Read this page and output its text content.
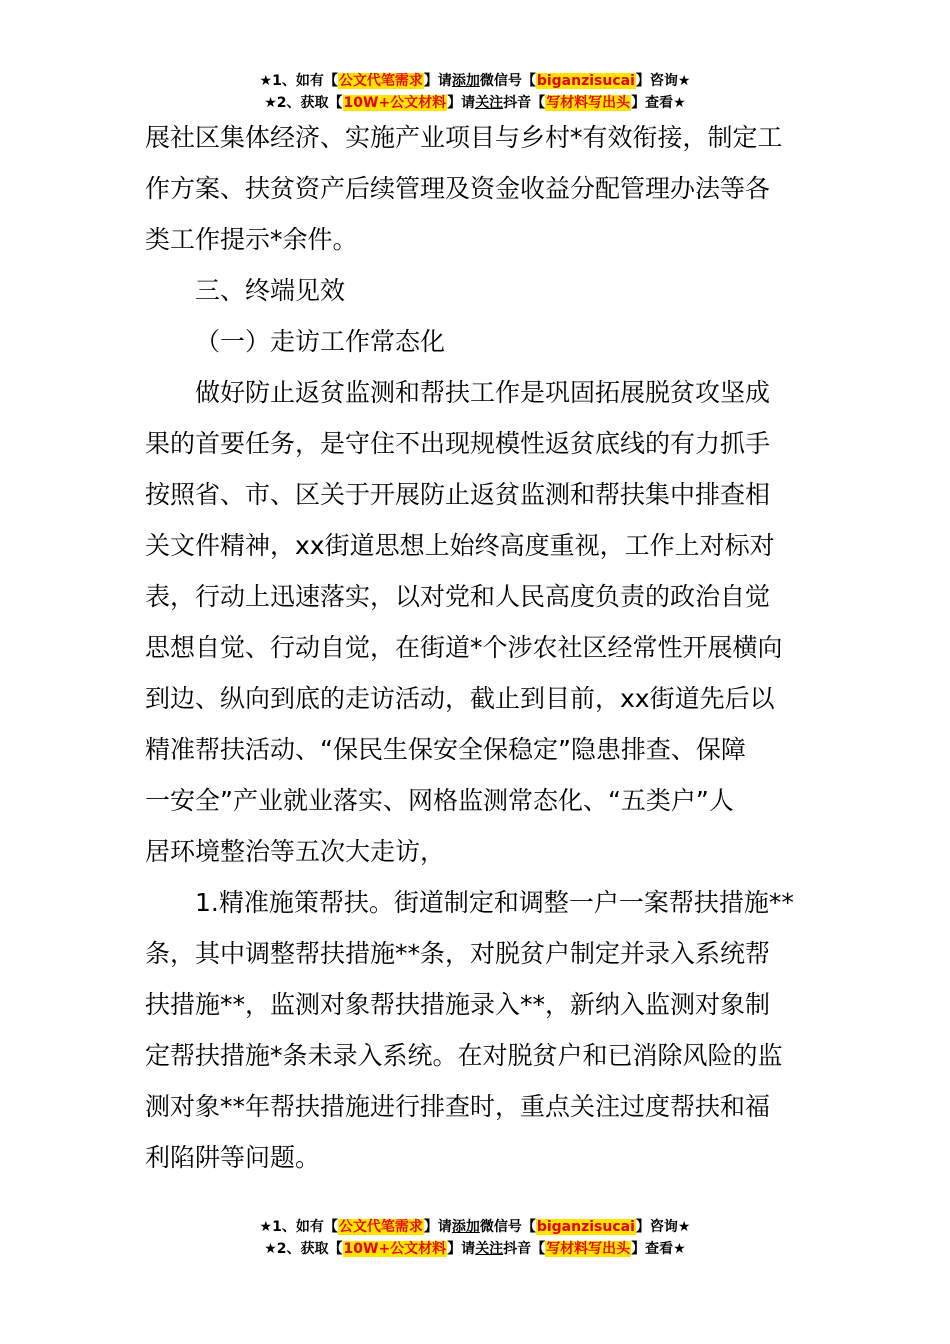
★1、如有【公文代笔需求】请添加微信号【biganzisucai】咨询★
★2、获取【10W+公文材料】请关注抖音【写材料写出头】查看★
展社区集体经济、实施产业项目与乡村*有效衔接，制定工
作方案、扶贫资产后续管理及资金收益分配管理办法等各
类工作提示*余件。
三、终端见效
（一）走访工作常态化
做好防止返贫监测和帮扶工作是巩固拓展脱贫攻坚成
果的首要任务，是守住不出现规模性返贫底线的有力抓手
按照省、市、区关于开展防止返贫监测和帮扶集中排查相
关文件精神，xx街道思想上始终高度重视，工作上对标对
表，行动上迅速落实，以对党和人民高度负责的政治自觉
思想自觉、行动自觉，在街道*个涉农社区经常性开展横向
到边、纵向到底的走访活动，截止到目前，xx街道先后以
精准帮扶活动、“保民生保安全保稳定”隐患排查、保障
一安全”产业就业落实、网格监测常态化、“五类户”人
居环境整治等五次大走访，
1.精准施策帮扶。街道制定和调整一户一案帮扶措施**
条，其中调整帮扶措施**条，对脱贫户制定并录入系统帮
扶措施**，监测对象帮扶措施录入**，新纳入监测对象制
定帮扶措施*条未录入系统。在对脱贫户和已消除风险的监
测对象**年帮扶措施进行排查时，重点关注过度帮扶和福
利陷阱等问题。
★1、如有【公文代笔需求】请添加微信号【biganzisucai】咨询★
★2、获取【10W+公文材料】请关注抖音【写材料写出头】查看★
